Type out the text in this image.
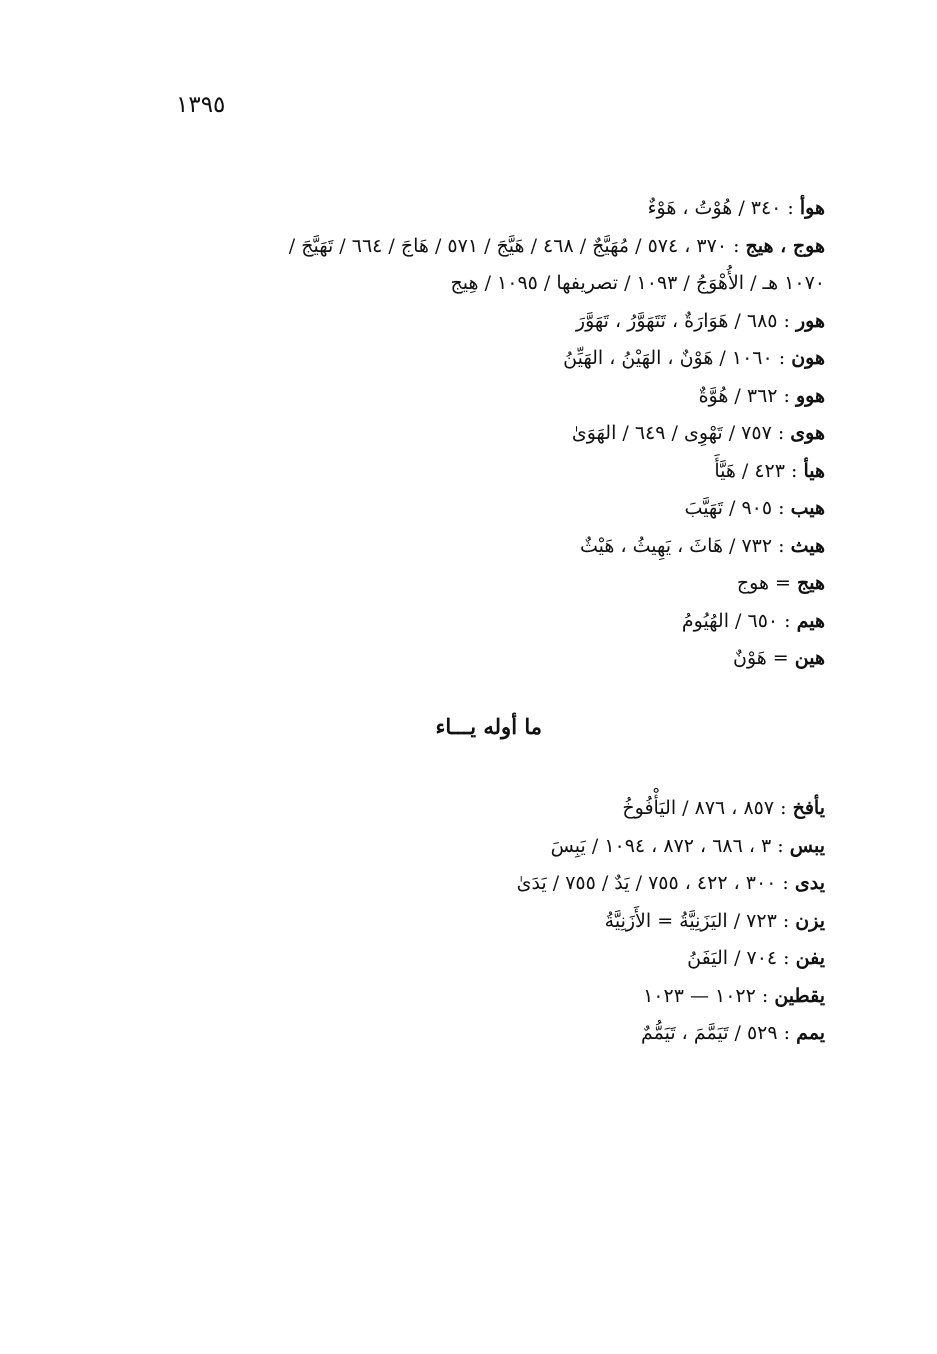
١٣٩٥
هوأ : ٣٤٠ / هُوْتُ ، هَوْءٌ
هوج ، هيج : ٣٧٠ ، ٥٧٤ / مُهَيَّجٌ / ٤٦٨ / هَيَّجَ / ٥٧١ / هَاجَ / ٦٦٤ / تَهَيَّجَ /
١٠٧٠ هـ / الأُهْوَجُ / ١٠٩٣ / تصريفها / ١٠٩٥ / هِيج
هور : ٦٨٥ / هَوَارَةٌ ، تَتَهَوَّرُ ، تَهَوَّرَ
هون : ١٠٦٠ / هَوْنٌ ، الهَيْنُ ، الهَيِّنُ
هوو : ٣٦٢ / هُوَّةٌ
هوى : ٧٥٧ / تَهْوِى / ٦٤٩ / الهَوَىٰ
هيأ : ٤٢٣ / هَيَّأَ
هيب : ٩٠٥ / تَهَيَّبَ
هيث : ٧٣٢ / هَاثَ ، يَهِيثُ ، هَيْثٌ
هيج = هوج
هيم : ٦٥٠ / الهُيُومُ
هين = هَوْنٌ
ما أوله يـــاء
يأفخ : ٨٥٧ ، ٨٧٦ / اليَأْفُوخُ
يبس : ٣ ، ٦٨٦ ، ٨٧٢ ، ١٠٩٤ / يَبِسَ
يدى : ٣٠٠ ، ٤٢٢ ، ٧٥٥ / يَدٌ / ٧٥٥ / يَدَىٰ
يزن : ٧٢٣ / اليَزَنِيَّةُ = الأَزَنِيَّةُ
يفن : ٧٠٤ / اليَفَنُ
يقطين : ١٠٢٢ — ١٠٢٣
يمم : ٥٢٩ / تَيَمَّمَ ، تَيَمُّمٌ
